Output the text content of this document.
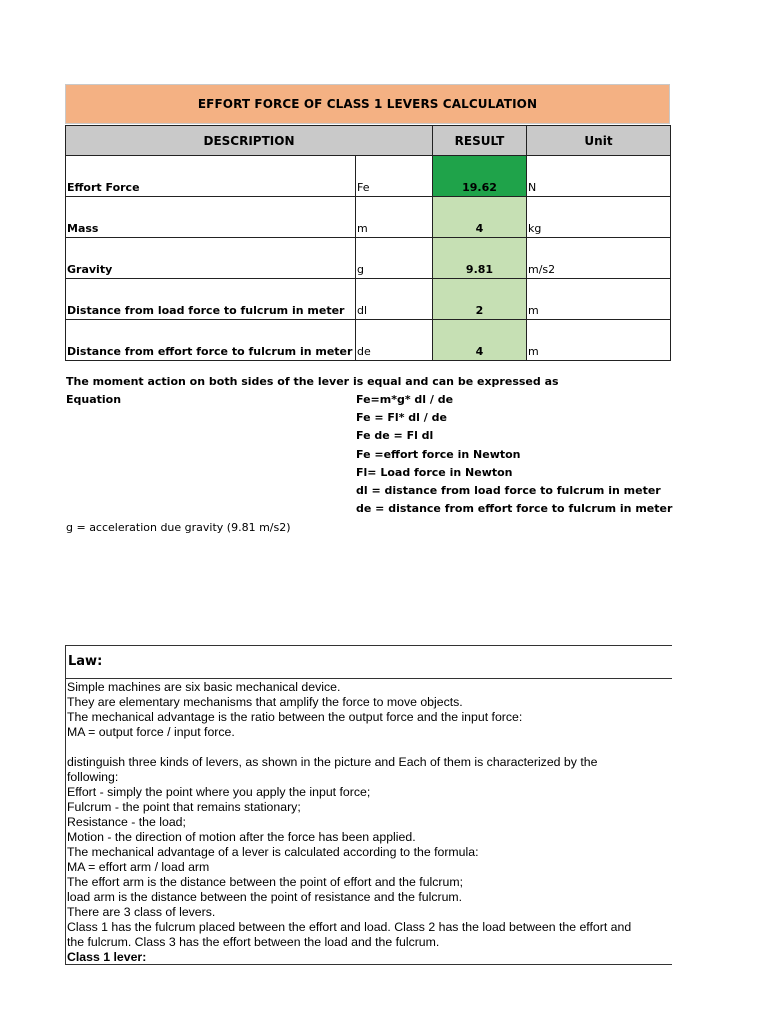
EFFORT FORCE OF CLASS 1 LEVERS CALCULATION
DESCRIPTION		RESULT	Unit
Effort Force	Fe	19.62	N
Mass	m	4	kg
Gravity	g	9.81	m/s2
Distance from load force to fulcrum in meter	dl	2	m
Distance from effort force to fulcrum in meter	de	4	m
The moment action on both sides of the lever is equal and can be expressed as
Equation	Fe=m*g* dl / de
Fe = Fl* dl / de
Fe de = Fl dl
Fe =effort force in Newton
Fl= Load force in Newton
dl = distance from load force to fulcrum in meter
de = distance from effort force to fulcrum in meter
g = acceleration due gravity (9.81 m/s2)
Law:
Simple machines are six basic mechanical device.
They are elementary mechanisms that amplify the force to move objects.
The mechanical advantage is the ratio between the output force and the input force:
MA = output force / input force.
distinguish three kinds of levers, as shown in the picture and Each of them is characterized by the
following:
Effort - simply the point where you apply the input force;
Fulcrum - the point that remains stationary;
Resistance - the load;
Motion - the direction of motion after the force has been applied.
The mechanical advantage of a lever is calculated according to the formula:
MA = effort arm / load arm
The effort arm is the distance between the point of effort and the fulcrum;
load arm is the distance between the point of resistance and the fulcrum.
There are 3 class of levers.
Class 1 has the fulcrum placed between the effort and load. Class 2 has the load between the effort and
the fulcrum. Class 3 has the effort between the load and the fulcrum.
Class 1 lever:
